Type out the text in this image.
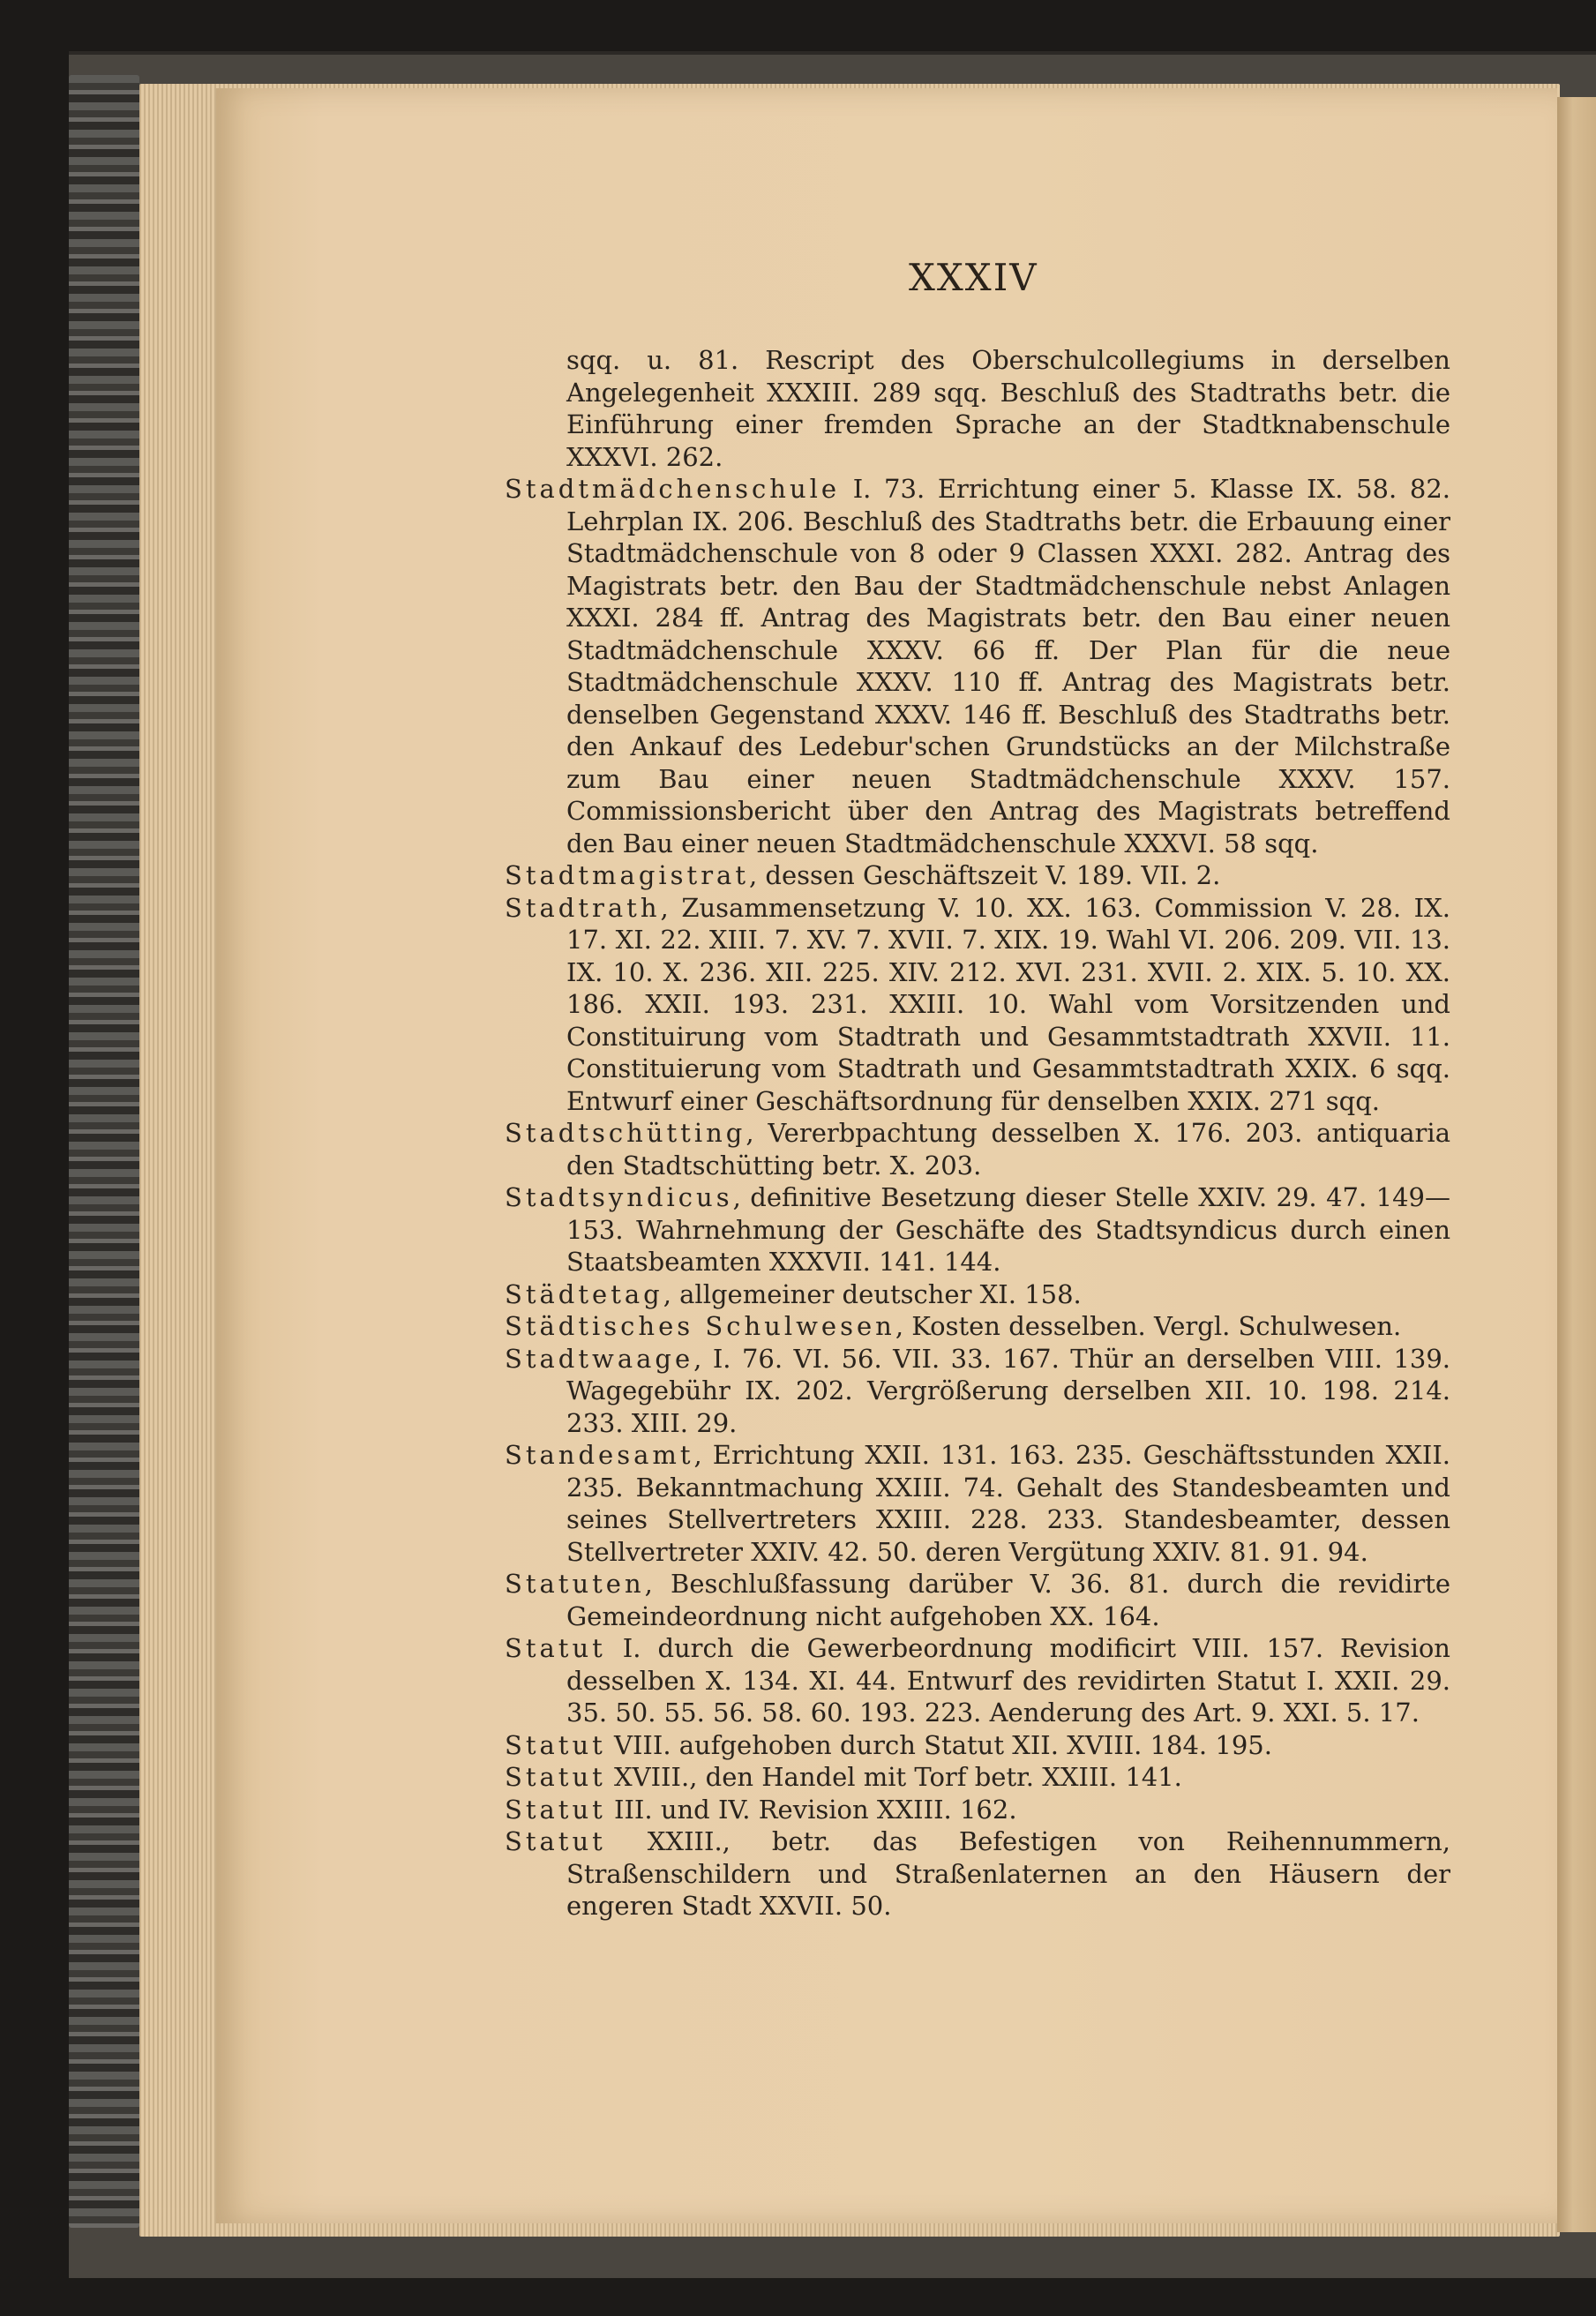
XXXIV

sqq. u. 81. Rescript des Oberschulcollegiums in derselben Angelegenheit XXXIII. 289 sqq. Beschluß des Stadtraths betr. die Einführung einer fremden Sprache an der Stadtknabenschule XXXVI. 262.

Stadtmädchenschule I. 73. Errichtung einer 5. Klasse IX. 58. 82. Lehrplan IX. 206. Beschluß des Stadtraths betr. die Erbauung einer Stadtmädchenschule von 8 oder 9 Classen XXXI. 282. Antrag des Magistrats betr. den Bau der Stadtmädchenschule nebst Anlagen XXXI. 284 ff. Antrag des Magistrats betr. den Bau einer neuen Stadtmädchenschule XXXV. 66 ff. Der Plan für die neue Stadtmädchenschule XXXV. 110 ff. Antrag des Magistrats betr. denselben Gegenstand XXXV. 146 ff. Beschluß des Stadtraths betr. den Ankauf des Ledebur'schen Grundstücks an der Milchstraße zum Bau einer neuen Stadtmädchenschule XXXV. 157. Commissionsbericht über den Antrag des Magistrats betreffend den Bau einer neuen Stadtmädchenschule XXXVI. 58 sqq.

Stadtmagistrat, dessen Geschäftszeit V. 189. VII. 2.

Stadtrath, Zusammensetzung V. 10. XX. 163. Commission V. 28. IX. 17. XI. 22. XIII. 7. XV. 7. XVII. 7. XIX. 19. Wahl VI. 206. 209. VII. 13. IX. 10. X. 236. XII. 225. XIV. 212. XVI. 231. XVII. 2. XIX. 5. 10. XX. 186. XXII. 193. 231. XXIII. 10. Wahl vom Vorsitzenden und Constituirung vom Stadtrath und Gesammtstadtrath XXVII. 11. Constituierung vom Stadtrath und Gesammtstadtrath XXIX. 6 sqq. Entwurf einer Geschäftsordnung für denselben XXIX. 271 sqq.

Stadtschütting, Vererbpachtung desselben X. 176. 203. antiquaria den Stadtschütting betr. X. 203.

Stadtsyndicus, definitive Besetzung dieser Stelle XXIV. 29. 47. 149—153. Wahrnehmung der Geschäfte des Stadtsyndicus durch einen Staatsbeamten XXXVII. 141. 144.

Städtetag, allgemeiner deutscher XI. 158.

Städtisches Schulwesen, Kosten desselben. Vergl. Schulwesen.

Stadtwaage, I. 76. VI. 56. VII. 33. 167. Thür an derselben VIII. 139. Wagegebühr IX. 202. Vergrößerung derselben XII. 10. 198. 214. 233. XIII. 29.

Standesamt, Errichtung XXII. 131. 163. 235. Geschäftsstunden XXII. 235. Bekanntmachung XXIII. 74. Gehalt des Standesbeamten und seines Stellvertreters XXIII. 228. 233. Standesbeamter, dessen Stellvertreter XXIV. 42. 50. deren Vergütung XXIV. 81. 91. 94.

Statuten, Beschlußfassung darüber V. 36. 81. durch die revidirte Gemeindeordnung nicht aufgehoben XX. 164.

Statut I. durch die Gewerbeordnung modificirt VIII. 157. Revision desselben X. 134. XI. 44. Entwurf des revidirten Statut I. XXII. 29. 35. 50. 55. 56. 58. 60. 193. 223. Aenderung des Art. 9. XXI. 5. 17.

Statut VIII. aufgehoben durch Statut XII. XVIII. 184. 195.

Statut XVIII., den Handel mit Torf betr. XXIII. 141.

Statut III. und IV. Revision XXIII. 162.

Statut XXIII., betr. das Befestigen von Reihennummern, Straßenschildern und Straßenlaternen an den Häusern der engeren Stadt XXVII. 50.
